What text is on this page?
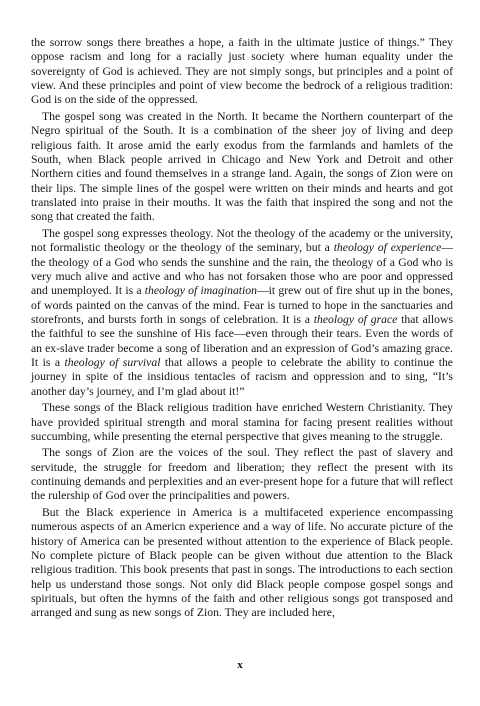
the sorrow songs there breathes a hope, a faith in the ultimate justice of things.” They oppose racism and long for a racially just society where human equality under the sovereignty of God is achieved. They are not simply songs, but principles and a point of view. And these principles and point of view become the bedrock of a religious tradition: God is on the side of the oppressed.

The gospel song was created in the North. It became the Northern counterpart of the Negro spiritual of the South. It is a combination of the sheer joy of living and deep religious faith. It arose amid the early exodus from the farmlands and hamlets of the South, when Black people arrived in Chicago and New York and Detroit and other Northern cities and found themselves in a strange land. Again, the songs of Zion were on their lips. The simple lines of the gospel were written on their minds and hearts and got translated into praise in their mouths. It was the faith that inspired the song and not the song that created the faith.

The gospel song expresses theology. Not the theology of the academy or the university, not formalistic theology or the theology of the seminary, but a theology of experience—the theology of a God who sends the sunshine and the rain, the theology of a God who is very much alive and active and who has not forsaken those who are poor and oppressed and unemployed. It is a theology of imagination—it grew out of fire shut up in the bones, of words painted on the canvas of the mind. Fear is turned to hope in the sanctuaries and storefronts, and bursts forth in songs of celebration. It is a theology of grace that allows the faithful to see the sunshine of His face—even through their tears. Even the words of an ex-slave trader become a song of liberation and an expression of God’s amazing grace. It is a theology of survival that allows a people to celebrate the ability to continue the journey in spite of the insidious tentacles of racism and oppression and to sing, “It’s another day’s journey, and I’m glad about it!”

These songs of the Black religious tradition have enriched Western Christianity. They have provided spiritual strength and moral stamina for facing present realities without succumbing, while presenting the eternal perspective that gives meaning to the struggle.

The songs of Zion are the voices of the soul. They reflect the past of slavery and servitude, the struggle for freedom and liberation; they reflect the present with its continuing demands and perplexities and an ever-present hope for a future that will reflect the rulership of God over the principalities and powers.

But the Black experience in America is a multifaceted experience encompassing numerous aspects of an Americn experience and a way of life. No accurate picture of the history of America can be presented without attention to the experience of Black people. No complete picture of Black people can be given without due attention to the Black religious tradition. This book presents that past in songs. The introductions to each section help us understand those songs. Not only did Black people compose gospel songs and spirituals, but often the hymns of the faith and other religious songs got transposed and arranged and sung as new songs of Zion. They are included here,

x
